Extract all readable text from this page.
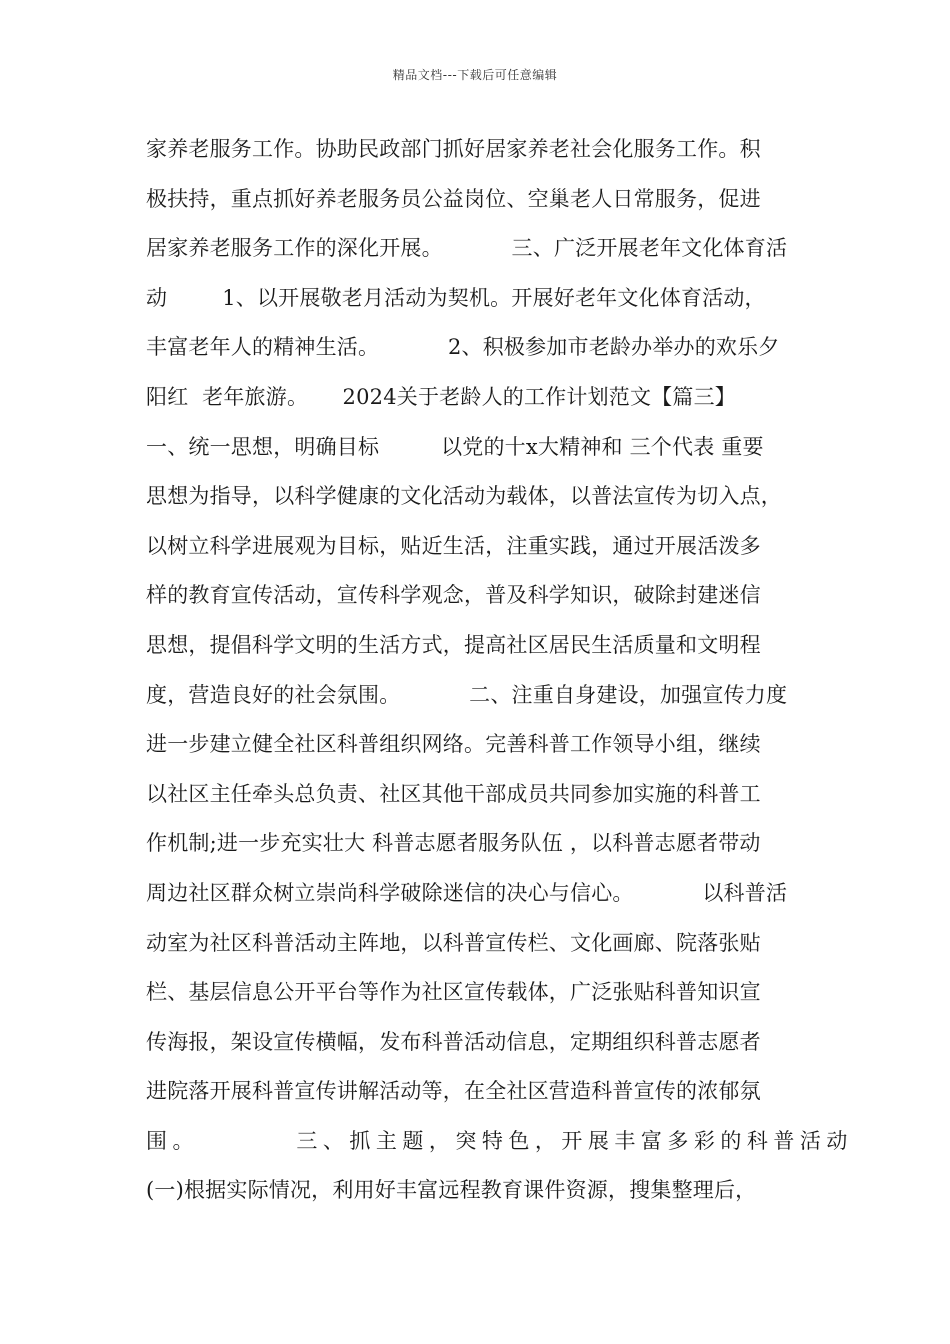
精品文档---下载后可任意编辑
家养老服务工作。协助民政部门抓好居家养老社会化服务工作。积
极扶持，重点抓好养老服务员公益岗位、空巢老人日常服务，促进
居家养老服务工作的深化开展。          三、广泛开展老年文化体育活
动        1、以开展敬老月活动为契机。开展好老年文化体育活动，
丰富老年人的精神生活。          2、积极参加市老龄办举办的欢乐夕
阳红  老年旅游。     2024关于老龄人的工作计划范文【篇三】
一、统一思想，明确目标         以党的十x大精神和 三个代表 重要
思想为指导，以科学健康的文化活动为载体，以普法宣传为切入点，
以树立科学进展观为目标，贴近生活，注重实践，通过开展活泼多
样的教育宣传活动，宣传科学观念，普及科学知识，破除封建迷信
思想，提倡科学文明的生活方式，提高社区居民生活质量和文明程
度，营造良好的社会氛围。          二、注重自身建设，加强宣传力度
进一步建立健全社区科普组织网络。完善科普工作领导小组，继续
以社区主任牵头总负责、社区其他干部成员共同参加实施的科普工
作机制;进一步充实壮大 科普志愿者服务队伍 ，以科普志愿者带动
周边社区群众树立崇尚科学破除迷信的决心与信心。          以科普活
动室为社区科普活动主阵地，以科普宣传栏、文化画廊、院落张贴
栏、基层信息公开平台等作为社区宣传载体，广泛张贴科普知识宣
传海报，架设宣传横幅，发布科普活动信息，定期组织科普志愿者
进院落开展科普宣传讲解活动等，在全社区营造科普宣传的浓郁氛
围。        三、抓主题，突特色，开展丰富多彩的科普活动
(一)根据实际情况，利用好丰富远程教育课件资源，搜集整理后，
